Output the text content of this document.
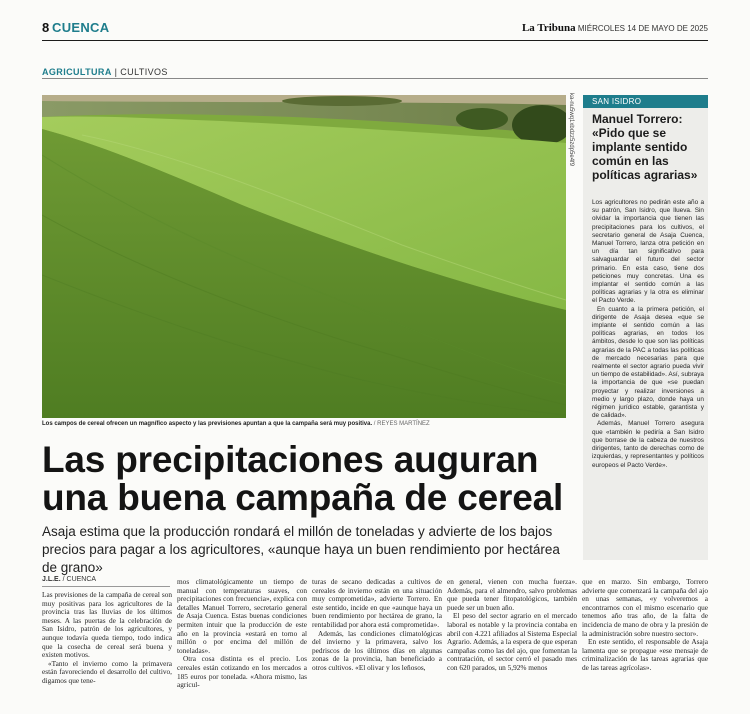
8 CUENCA	La Tribuna MIÉRCOLES 14 DE MAYO DE 2025
AGRICULTURA | CULTIVOS
ka-nu5wq1xbdzz5zdp5e4f9
Los campos de cereal ofrecen un magnífico aspecto y las previsiones apuntan a que la campaña será muy positiva. / REYES MARTÍNEZ
Las precipitaciones auguran
una buena campaña de cereal

Asaja estima que la producción rondará el millón de toneladas y advierte de los bajos precios para pagar a los agricultores, «aunque haya un buen rendimiento por hectárea de grano»

J.L.E. / CUENCA

Las previsiones de la campaña de cereal son muy positivas para los agricultores de la provincia tras las lluvias de los últimos meses. A las puertas de la celebración de San Isidro, patrón de los agricultores, y aunque todavía queda tiempo, todo indica que la cosecha de cereal será buena y existen motivos.

«Tanto el invierno como la primavera están favoreciendo el desarrollo del cultivo, digamos que tene-

mos climatológicamente un tiempo de manual con temperaturas suaves, con precipitaciones con frecuencia», explica con detalles Manuel Torrero, secretario general de Asaja Cuenca. Estas buenas condiciones permiten intuir que la producción de este año en la provincia «estará en torno al millón o por encima del millón de toneladas».

Otra cosa distinta es el precio. Los cereales están cotizando en los mercados a 185 euros por tonelada. «Ahora mismo, las agricul-

turas de secano dedicadas a cultivos de cereales de invierno están en una situación muy comprometida», advierte Torrero. En este sentido, incide en que «aunque haya un buen rendimiento por hectárea de grano, la rentabilidad por ahora está comprometida».

Además, las condiciones climatológicas del invierno y la primavera, salvo los pedriscos de los últimos días en algunas zonas de la provincia, han beneficiado a otros cultivos. «El olivar y los leñosos,

en general, vienen con mucha fuerza». Además, para el almendro, salvo problemas que pueda tener fitopatológicos, también puede ser un buen año.

El peso del sector agrario en el mercado laboral es notable y la provincia contaba en abril con 4.221 afiliados al Sistema Especial Agrario. Además, a la espera de que esperan campañas como las del ajo, que fomentan la contratación, el sector cerró el pasado mes con 620 parados, un 5,92% menos

que en marzo. Sin embargo, Torrero advierte que comenzará la campaña del ajo en unas semanas, «y volveremos a encontrarnos con el mismo escenario que tenemos año tras año, de la falta de incidencia de mano de obra y la presión de la administración sobre nuestro sector».

En este sentido, el responsable de Asaja lamenta que se propague «ese mensaje de criminalización de las tareas agrarias que de las tareas agrícolas».

SAN ISIDRO
Manuel Torrero: «Pido que se implante sentido común en las políticas agrarias»

Los agricultores no pedirán este año a su patrón, San Isidro, que llueva. Sin olvidar la importancia que tienen las precipitaciones para los cultivos, el secretario general de Asaja Cuenca, Manuel Torrero, lanza otra petición en un día tan significativo para salvaguardar el futuro del sector primario. En esta caso, tiene dos peticiones muy concretas. Una es implantar el sentido común a las políticas agrarias y la otra es eliminar el Pacto Verde.

En cuanto a la primera petición, el dirigente de Asaja desea «que se implante el sentido común a las políticas agrarias, en todos los ámbitos, desde lo que son las políticas agrarias de la PAC a todas las políticas de mercado necesarias para que realmente el sector agrario pueda vivir un tiempo de estabilidad». Así, subraya la importancia de que «se puedan proyectar y realizar inversiones a medio y largo plazo, donde haya un régimen jurídico estable, garantista y de calidad».

Además, Manuel Torrero asegura que «también le pediría a San Isidro que borrase de la cabeza de nuestros dirigentes, tanto de derechas como de izquierdas, y representantes y políticos europeos el Pacto Verde».
